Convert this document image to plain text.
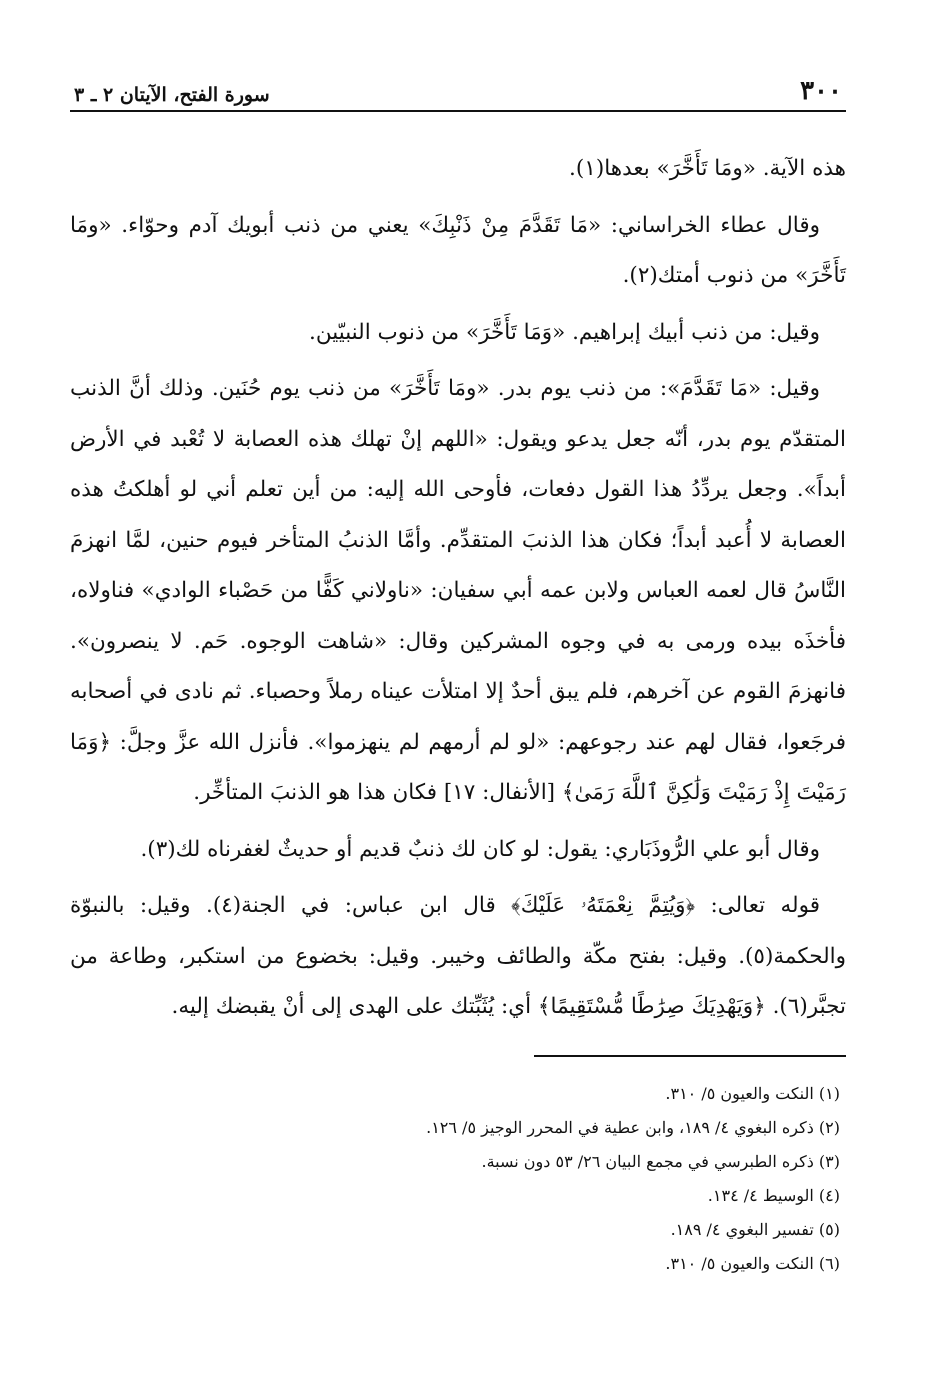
٣٠٠
سورة الفتح، الآيتان ٢ ـ ٣

هذه الآية. «ومَا تَأَخَّرَ» بعدها(١).

وقال عطاء الخراساني: «مَا تَقَدَّمَ مِنْ ذَنْبِكَ» يعني من ذنب أبويك آدم وحوّاء. «ومَا تَأَخَّرَ» من ذنوب أمتك(٢).

وقيل: من ذنب أبيك إبراهيم. «وَمَا تَأَخَّرَ» من ذنوب النبيّين.

وقيل: «مَا تَقَدَّمَ»: من ذنب يوم بدر. «ومَا تَأَخَّرَ» من ذنب يوم حُنَين. وذلك أنَّ الذنب المتقدّم يوم بدر، أنّه جعل يدعو ويقول: «اللهم إنْ تهلك هذه العصابة لا تُعْبد في الأرض أبداً». وجعل يردِّدُ هذا القول دفعات، فأوحى الله إليه: من أين تعلم أني لو أهلكتُ هذه العصابة لا أُعبد أبداً؛ فكان هذا الذنبَ المتقدِّم. وأمَّا الذنبُ المتأخر فيوم حنين، لمَّا انهزمَ النَّاسُ قال لعمه العباس ولابن عمه أبي سفيان: «ناولاني كَفًّا من حَصْباء الوادي» فناولاه، فأخذَه بيده ورمى به في وجوه المشركين وقال: «شاهت الوجوه. حَم. لا ينصرون». فانهزمَ القوم عن آخرهم، فلم يبق أحدٌ إلا امتلأت عيناه رملاً وحصباء. ثم نادى في أصحابه فرجَعوا، فقال لهم عند رجوعهم: «لو لم أرمهم لم ينهزموا». فأنزل الله عزَّ وجلَّ: ﴿وَمَا رَمَيْتَ إِذْ رَمَيْتَ وَلَٰكِنَّ ٱللَّهَ رَمَىٰ﴾ [الأنفال: ١٧] فكان هذا هو الذنبَ المتأخِّر.

وقال أبو علي الرُّوذَبَاري: يقول: لو كان لك ذنبٌ قديم أو حديثٌ لغفرناه لك(٣).

قوله تعالى: ﴿وَيُتِمَّ نِعْمَتَهُۥ عَلَيْكَ﴾ قال ابن عباس: في الجنة(٤). وقيل: بالنبوّة والحكمة(٥). وقيل: بفتح مكّة والطائف وخيبر. وقيل: بخضوع من استكبر، وطاعة من تجبَّر(٦). ﴿وَيَهْدِيَكَ صِرَٰطًا مُّسْتَقِيمًا﴾ أي: يُثَبِّتك على الهدى إلى أنْ يقبضك إليه.

(١) النكت والعيون ٥/ ٣١٠.

(٢) ذكره البغوي ٤/ ١٨٩، وابن عطية في المحرر الوجيز ٥/ ١٢٦.

(٣) ذكره الطبرسي في مجمع البيان ٢٦/ ٥٣ دون نسبة.

(٤) الوسيط ٤/ ١٣٤.

(٥) تفسير البغوي ٤/ ١٨٩.

(٦) النكت والعيون ٥/ ٣١٠.
